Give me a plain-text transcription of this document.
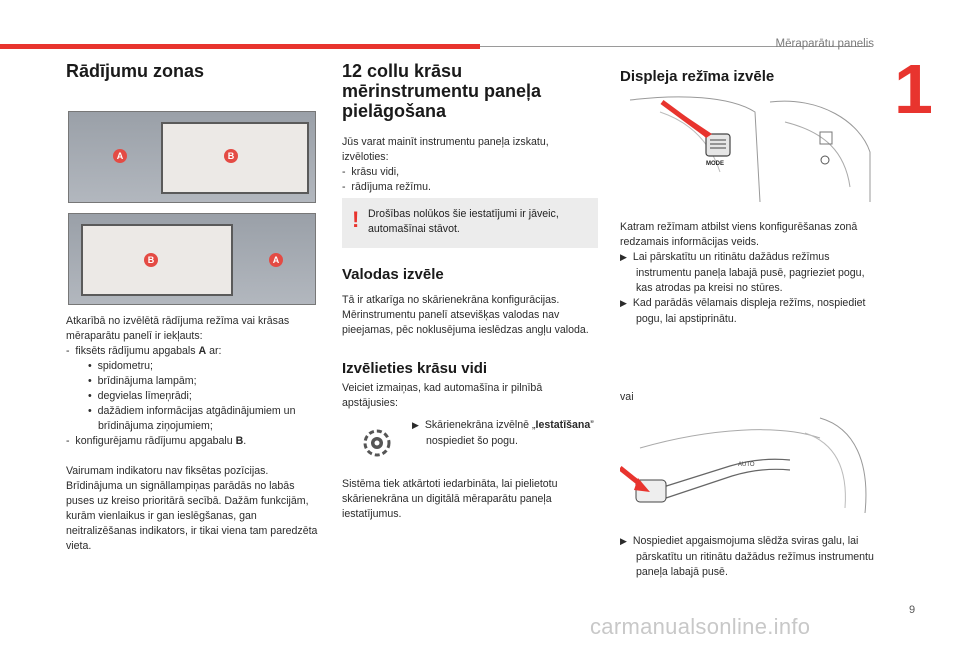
Mēraparātu panelis
1
Rādījumu zonas
A	B
B	A

Atkarībā no izvēlētā rādījuma režīma vai krāsas mēraparātu panelī ir iekļauts:

-  fiksēts rādījumu apgabals A ar:
•  spidometru;
•  brīdinājuma lampām;
•  degvielas līmeņrādi;
•  dažādiem informācijas atgādinājumiem un brīdinājuma ziņojumiem;
-  konfigurējamu rādījumu apgabalu B.

Vairumam indikatoru nav fiksētas pozīcijas. Brīdinājuma un signāllampiņas parādās no labās puses uz kreiso prioritārā secībā. Dažām funkcijām, kurām vienlaikus ir gan ieslēgšanas, gan neitralizēšanas indikators, ir tikai viena tam paredzēta vieta.

12 collu krāsu mērinstrumentu paneļa pielāgošana

Jūs varat mainīt instrumentu paneļa izskatu, izvēloties:

-  krāsu vidi,
-  rādījuma režīmu.
! Drošības nolūkos šie iestatījumi ir jāveic, automašīnai stāvot.
Valodas izvēle

Tā ir atkarīga no skārienekrāna konfigurācijas. Mērinstrumentu panelī atsevišķas valodas nav pieejamas, pēc noklusējuma ieslēdzas angļu valoda.

Izvēlieties krāsu vidi

Veiciet izmaiņas, kad automašīna ir pilnībā apstājusies:

▶ Skārienekrāna izvēlnē „Iestatīšana” nospiediet šo pogu.

Sistēma tiek atkārtoti iedarbināta, lai pielietotu skārienekrāna un digitālā mēraparātu paneļa iestatījumus.

Displeja režīma izvēle
MODE

Katram režīmam atbilst viens konfigurēšanas zonā redzamais informācijas veids.

▶ Lai pārskatītu un ritinātu dažādus režīmus instrumentu paneļa labajā pusē, pagrieziet pogu, kas atrodas pa kreisi no stūres.

▶ Kad parādās vēlamais displeja režīms, nospiediet pogu, lai apstiprinātu.

vai

AUTO

▶ Nospiediet apgaismojuma slēdža sviras galu, lai pārskatītu un ritinātu dažādus režīmus instrumentu paneļa labajā pusē.

9
carmanualsonline.info
